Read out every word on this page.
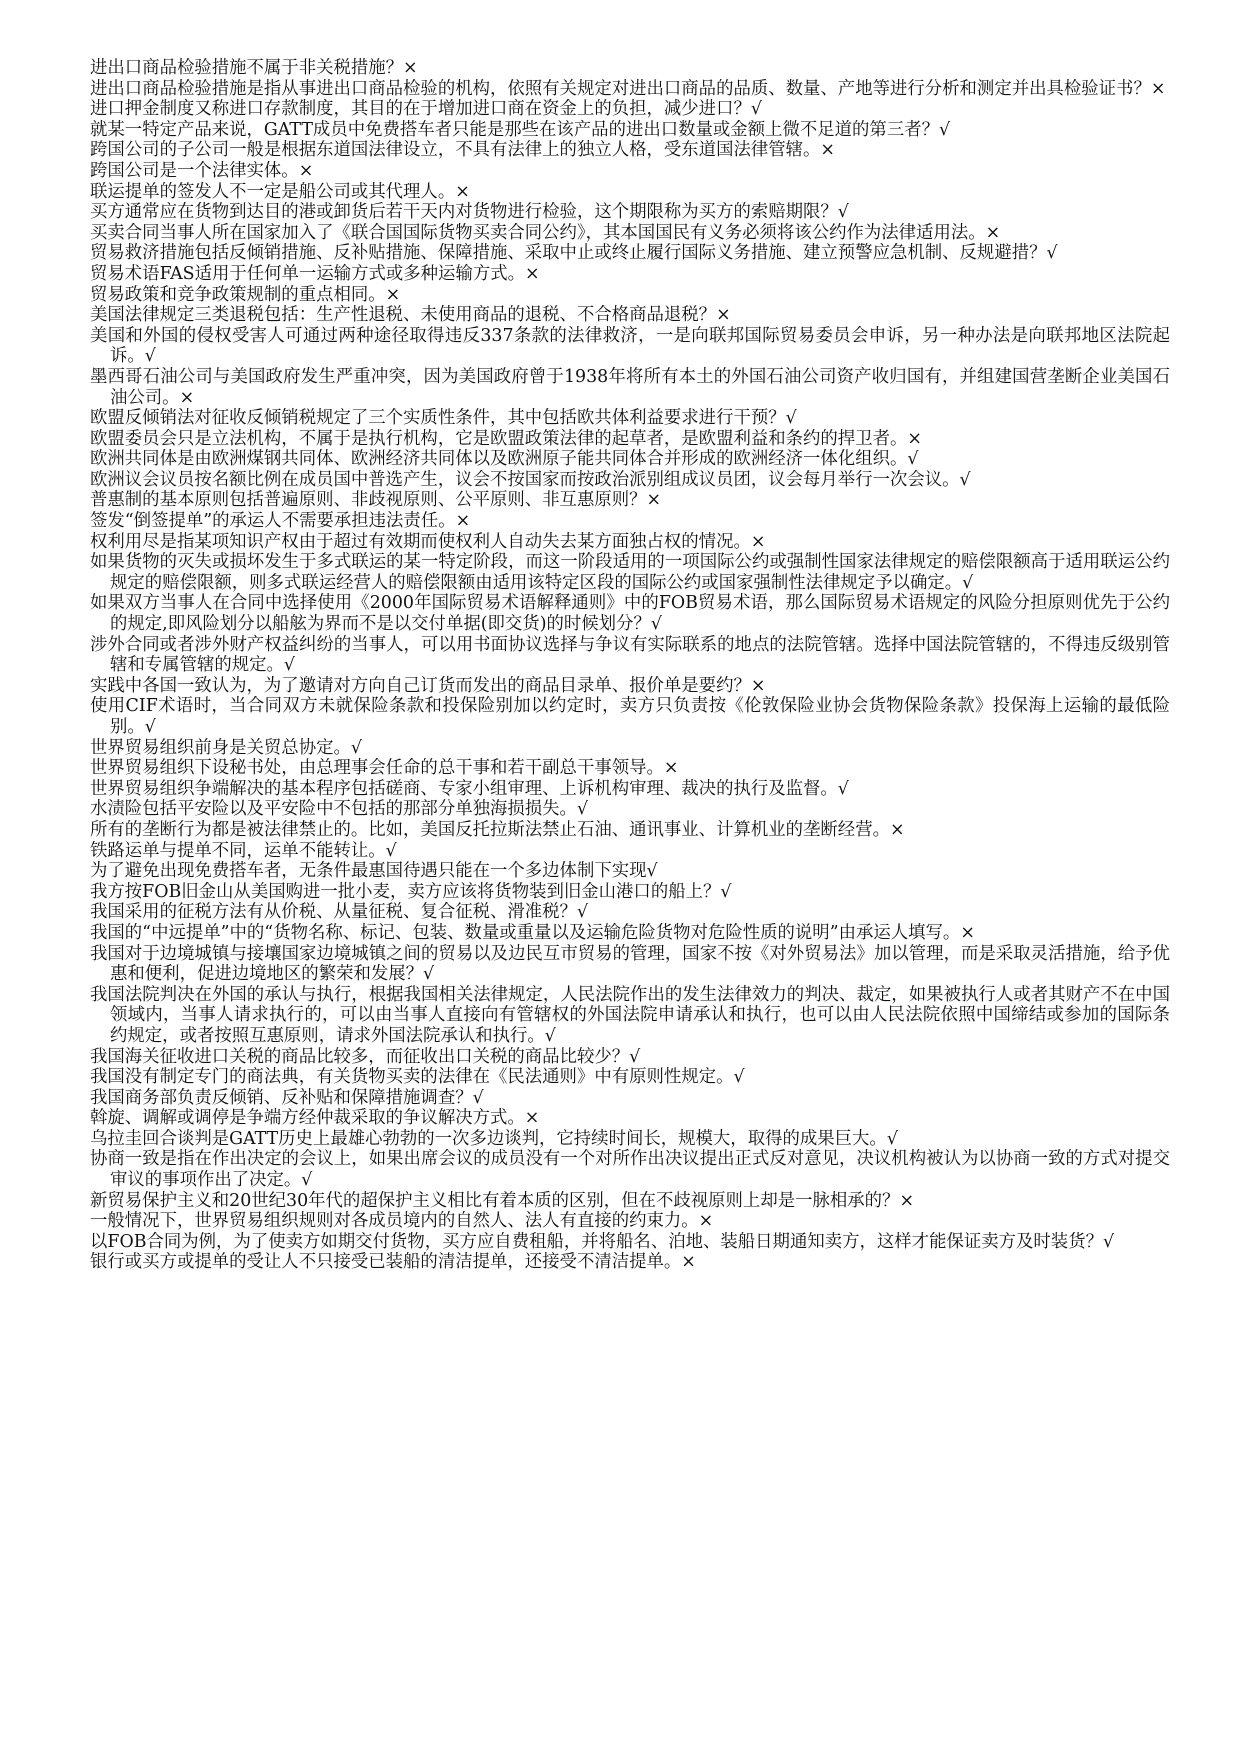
进出口商品检验措施不属于非关税措施？×

进出口商品检验措施是指从事进出口商品检验的机构，依照有关规定对进出口商品的品质、数量、产地等进行分析和测定并出具检验证书？×

进口押金制度又称进口存款制度，其目的在于增加进口商在资金上的负担，减少进口？√

就某一特定产品来说，GATT成员中免费搭车者只能是那些在该产品的进出口数量或金额上微不足道的第三者？√

跨国公司的子公司一般是根据东道国法律设立，不具有法律上的独立人格，受东道国法律管辖。×

跨国公司是一个法律实体。×

联运提单的签发人不一定是船公司或其代理人。×

买方通常应在货物到达目的港或卸货后若干天内对货物进行检验，这个期限称为买方的索赔期限？√

买卖合同当事人所在国家加入了《联合国国际货物买卖合同公约》，其本国国民有义务必须将该公约作为法律适用法。×

贸易救济措施包括反倾销措施、反补贴措施、保障措施、采取中止或终止履行国际义务措施、建立预警应急机制、反规避措？√

贸易术语FAS适用于任何单一运输方式或多种运输方式。×

贸易政策和竞争政策规制的重点相同。×

美国法律规定三类退税包括：生产性退税、未使用商品的退税、不合格商品退税？×

美国和外国的侵权受害人可通过两种途径取得违反337条款的法律救济，一是向联邦国际贸易委员会申诉，另一种办法是向联邦地区法院起诉。√

墨西哥石油公司与美国政府发生严重冲突，因为美国政府曾于1938年将所有本土的外国石油公司资产收归国有，并组建国营垄断企业美国石油公司。×

欧盟反倾销法对征收反倾销税规定了三个实质性条件，其中包括欧共体利益要求进行干预？√

欧盟委员会只是立法机构，不属于是执行机构，它是欧盟政策法律的起草者，是欧盟利益和条约的捍卫者。×

欧洲共同体是由欧洲煤钢共同体、欧洲经济共同体以及欧洲原子能共同体合并形成的欧洲经济一体化组织。√

欧洲议会议员按名额比例在成员国中普选产生，议会不按国家而按政治派别组成议员团，议会每月举行一次会议。√

普惠制的基本原则包括普遍原则、非歧视原则、公平原则、非互惠原则？×

签发“倒签提单”的承运人不需要承担违法责任。×

权利用尽是指某项知识产权由于超过有效期而使权利人自动失去某方面独占权的情况。×

如果货物的灭失或损坏发生于多式联运的某一特定阶段，而这一阶段适用的一项国际公约或强制性国家法律规定的赔偿限额高于适用联运公约规定的赔偿限额，则多式联运经营人的赔偿限额由适用该特定区段的国际公约或国家强制性法律规定予以确定。√

如果双方当事人在合同中选择使用《2000年国际贸易术语解释通则》中的FOB贸易术语，那么国际贸易术语规定的风险分担原则优先于公约的规定,即风险划分以船舷为界而不是以交付单据(即交货)的时候划分？√

涉外合同或者涉外财产权益纠纷的当事人，可以用书面协议选择与争议有实际联系的地点的法院管辖。选择中国法院管辖的，不得违反级别管辖和专属管辖的规定。√

实践中各国一致认为，为了邀请对方向自己订货而发出的商品目录单、报价单是要约？×

使用CIF术语时，当合同双方未就保险条款和投保险别加以约定时，卖方只负责按《伦敦保险业协会货物保险条款》投保海上运输的最低险别。√

世界贸易组织前身是关贸总协定。√

世界贸易组织下设秘书处，由总理事会任命的总干事和若干副总干事领导。×

世界贸易组织争端解决的基本程序包括磋商、专家小组审理、上诉机构审理、裁决的执行及监督。√

水渍险包括平安险以及平安险中不包括的那部分单独海损损失。√

所有的垄断行为都是被法律禁止的。比如，美国反托拉斯法禁止石油、通讯事业、计算机业的垄断经营。×

铁路运单与提单不同，运单不能转让。√

为了避免出现免费搭车者，无条件最惠国待遇只能在一个多边体制下实现√

我方按FOB旧金山从美国购进一批小麦，卖方应该将货物装到旧金山港口的船上？√

我国采用的征税方法有从价税、从量征税、复合征税、滑准税？√

我国的“中远提单”中的“货物名称、标记、包装、数量或重量以及运输危险货物对危险性质的说明”由承运人填写。×

我国对于边境城镇与接壤国家边境城镇之间的贸易以及边民互市贸易的管理，国家不按《对外贸易法》加以管理，而是采取灵活措施，给予优惠和便利，促进边境地区的繁荣和发展？√

我国法院判决在外国的承认与执行，根据我国相关法律规定，人民法院作出的发生法律效力的判决、裁定，如果被执行人或者其财产不在中国领域内，当事人请求执行的，可以由当事人直接向有管辖权的外国法院申请承认和执行，也可以由人民法院依照中国缔结或参加的国际条约规定，或者按照互惠原则，请求外国法院承认和执行。√

我国海关征收进口关税的商品比较多，而征收出口关税的商品比较少？√

我国没有制定专门的商法典，有关货物买卖的法律在《民法通则》中有原则性规定。√

我国商务部负责反倾销、反补贴和保障措施调查？√

斡旋、调解或调停是争端方经仲裁采取的争议解决方式。×

乌拉圭回合谈判是GATT历史上最雄心勃勃的一次多边谈判，它持续时间长，规模大，取得的成果巨大。√

协商一致是指在作出决定的会议上，如果出席会议的成员没有一个对所作出决议提出正式反对意见，决议机构被认为以协商一致的方式对提交审议的事项作出了决定。√

新贸易保护主义和20世纪30年代的超保护主义相比有着本质的区别，但在不歧视原则上却是一脉相承的？×

一般情况下，世界贸易组织规则对各成员境内的自然人、法人有直接的约束力。×

以FOB合同为例，为了使卖方如期交付货物，买方应自费租船，并将船名、泊地、装船日期通知卖方，这样才能保证卖方及时装货？√

银行或买方或提单的受让人不只接受已装船的清洁提单，还接受不清洁提单。×
